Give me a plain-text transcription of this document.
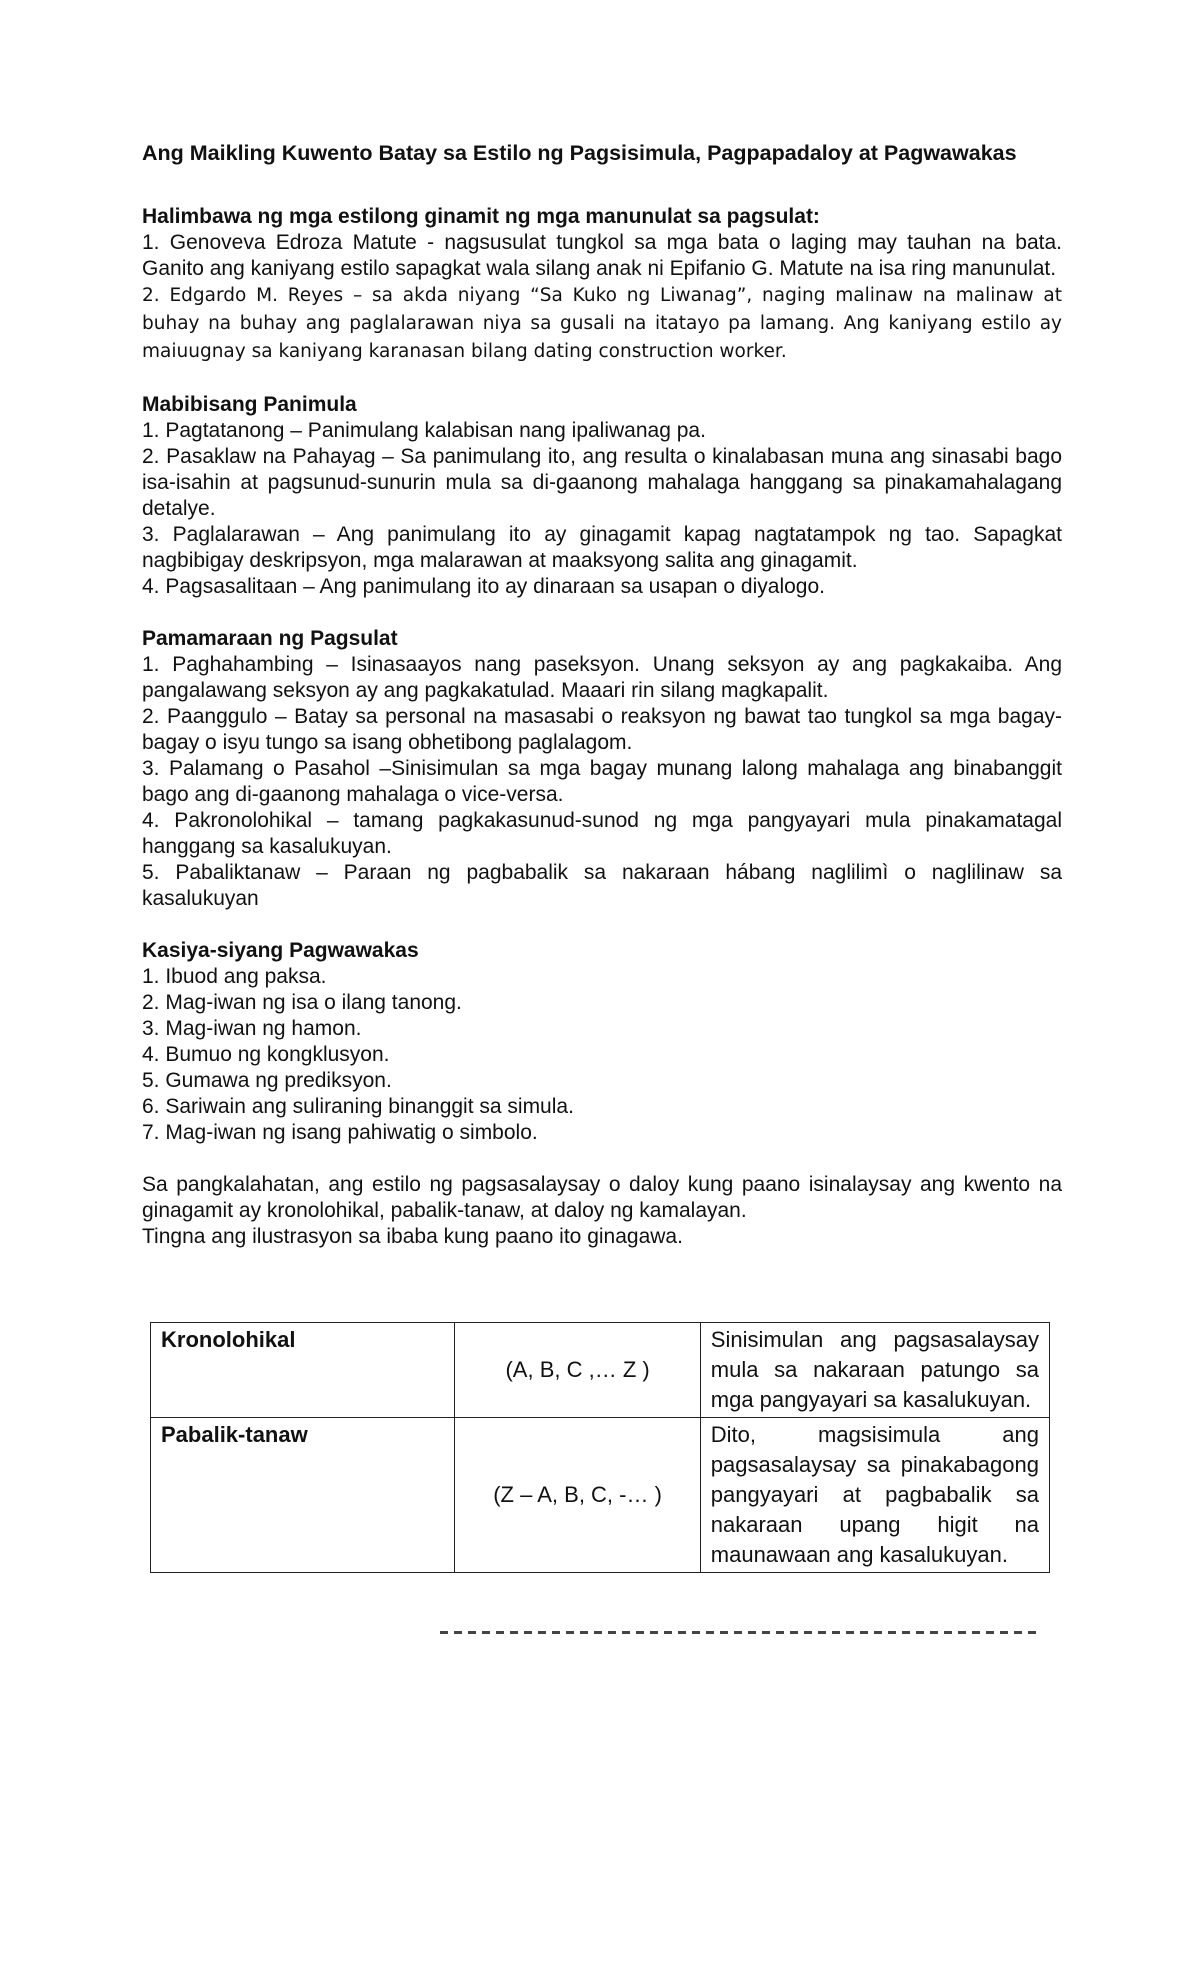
Ang Maikling Kuwento Batay sa Estilo ng Pagsisimula, Pagpapadaloy at Pagwawakas

Halimbawa ng mga estilong ginamit ng mga manunulat sa pagsulat:

1. Genoveva Edroza Matute - nagsusulat tungkol sa mga bata o laging may tauhan na bata. Ganito ang kaniyang estilo sapagkat wala silang anak ni Epifanio G. Matute na isa ring manunulat.

2. Edgardo M. Reyes – sa akda niyang “Sa Kuko ng Liwanag”, naging malinaw na malinaw at buhay na buhay ang paglalarawan niya sa gusali na itatayo pa lamang. Ang kaniyang estilo ay maiuugnay sa kaniyang karanasan bilang dating construction worker.

Mabibisang Panimula

1. Pagtatanong – Panimulang kalabisan nang ipaliwanag pa.

2. Pasaklaw na Pahayag – Sa panimulang ito, ang resulta o kinalabasan muna ang sinasabi bago isa-isahin at pagsunud-sunurin mula sa di-gaanong mahalaga hanggang sa pinakamahalagang detalye.

3. Paglalarawan – Ang panimulang ito ay ginagamit kapag nagtatampok ng tao. Sapagkat nagbibigay deskripsyon, mga malarawan at maaksyong salita ang ginagamit.

4. Pagsasalitaan – Ang panimulang ito ay dinaraan sa usapan o diyalogo.

Pamamaraan ng Pagsulat

1. Paghahambing – Isinasaayos nang paseksyon. Unang seksyon ay ang pagkakaiba. Ang pangalawang seksyon ay ang pagkakatulad. Maaari rin silang magkapalit.

2. Paanggulo – Batay sa personal na masasabi o reaksyon ng bawat tao tungkol sa mga bagay-bagay o isyu tungo sa isang obhetibong paglalagom.

3. Palamang o Pasahol –Sinisimulan sa mga bagay munang lalong mahalaga ang binabanggit bago ang di-gaanong mahalaga o vice-versa.

4. Pakronolohikal – tamang pagkakasunud-sunod ng mga pangyayari mula pinakamatagal hanggang sa kasalukuyan.

5. Pabaliktanaw – Paraan ng pagbabalik sa nakaraan hábang naglilimì o naglilinaw sa kasalukuyan

Kasiya-siyang Pagwawakas

1. Ibuod ang paksa.

2. Mag-iwan ng isa o ilang tanong.

3. Mag-iwan ng hamon.

4. Bumuo ng kongklusyon.

5. Gumawa ng prediksyon.

6. Sariwain ang suliraning binanggit sa simula.

7. Mag-iwan ng isang pahiwatig o simbolo.

Sa pangkalahatan, ang estilo ng pagsasalaysay o daloy kung paano isinalaysay ang kwento na ginagamit ay kronolohikal, pabalik-tanaw, at daloy ng kamalayan.

Tingna ang ilustrasyon sa ibaba kung paano ito ginagawa.

Kronolohikal	(A, B, C ,… Z )	Sinisimulan ang pagsasalaysay mula sa nakaraan patungo sa mga pangyayari sa kasalukuyan.
Pabalik-tanaw	(Z – A, B, C, -… )	Dito, magsisimula ang pagsasalaysay sa pinakabagong pangyayari at pagbabalik sa nakaraan upang higit na maunawaan ang kasalukuyan.
